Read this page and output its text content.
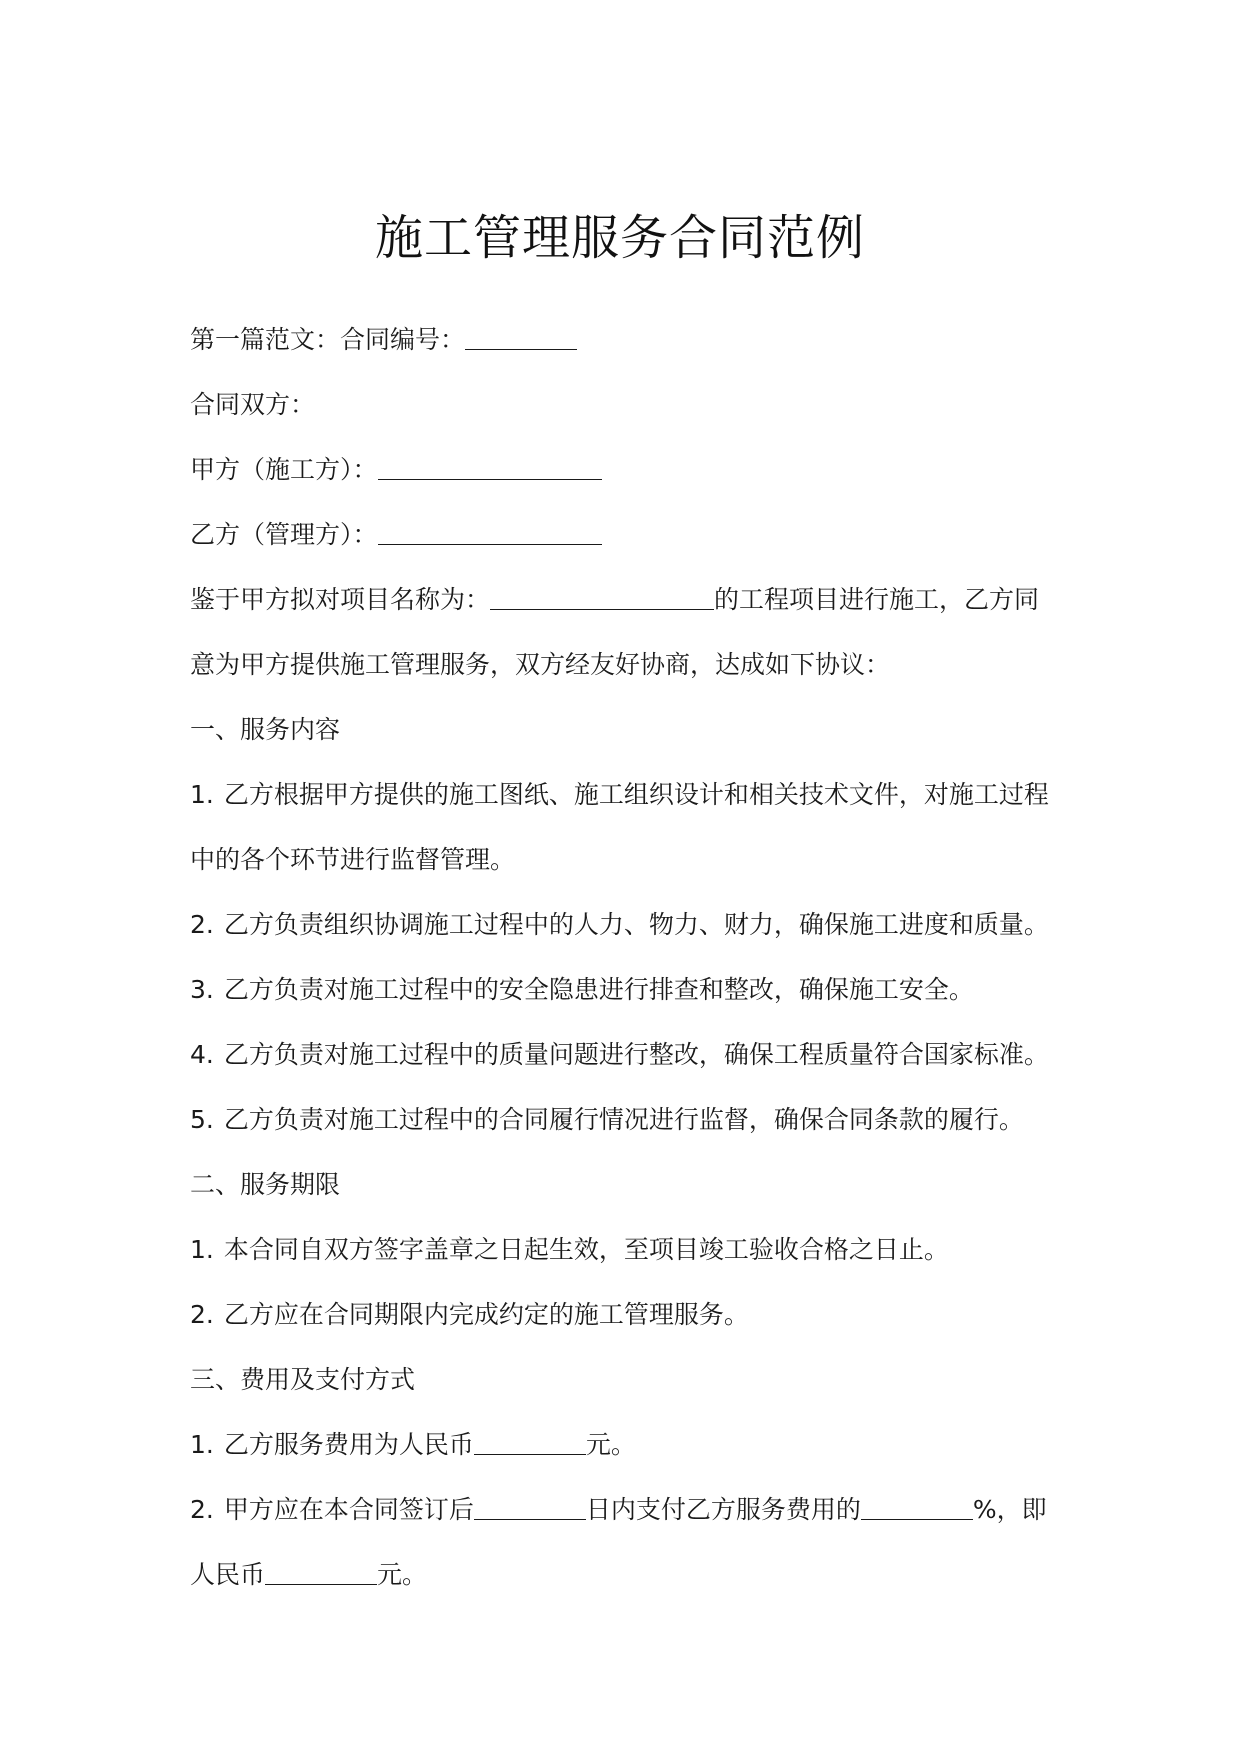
施工管理服务合同范例
第一篇范文：合同编号：
合同双方：
甲方（施工方）：
乙方（管理方）：
鉴于甲方拟对项目名称为：	的工程项目进行施工，乙方同
意为甲方提供施工管理服务，双方经友好协商，达成如下协议：
一、服务内容
1. 乙方根据甲方提供的施工图纸、施工组织设计和相关技术文件，对施工过程
中的各个环节进行监督管理。
2. 乙方负责组织协调施工过程中的人力、物力、财力，确保施工进度和质量。
3. 乙方负责对施工过程中的安全隐患进行排查和整改，确保施工安全。
4. 乙方负责对施工过程中的质量问题进行整改，确保工程质量符合国家标准。
5. 乙方负责对施工过程中的合同履行情况进行监督，确保合同条款的履行。
二、服务期限
1. 本合同自双方签字盖章之日起生效，至项目竣工验收合格之日止。
2. 乙方应在合同期限内完成约定的施工管理服务。
三、费用及支付方式
1. 乙方服务费用为人民币	元。
2. 甲方应在本合同签订后	日内支付乙方服务费用的	%，即
人民币	元。
